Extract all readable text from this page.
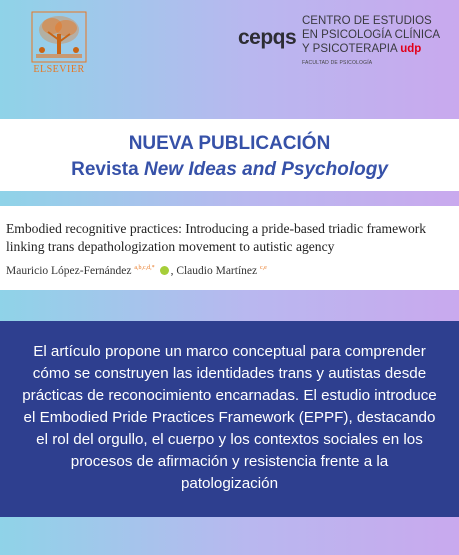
ELSEVIER
cepqs
CENTRO DE ESTUDIOS
EN PSICOLOGÍA CLÍNICA
Y PSICOTERAPIA udp
FACULTAD DE PSICOLOGÍA
NUEVA PUBLICACIÓN
Revista New Ideas and Psychology
Embodied recognitive practices: Introducing a pride-based triadic framework linking trans depathologization movement to autistic agency
Mauricio López-Fernández $^{a,b,c,d,*}$ , Claudio Martínez $^{c,e}$
El artículo propone un marco conceptual para comprender cómo se construyen las identidades trans y autistas desde prácticas de reconocimiento encarnadas. El estudio introduce el Embodied Pride Practices Framework (EPPF), destacando el rol del orgullo, el cuerpo y los contextos sociales en los procesos de afirmación y resistencia frente a la patologización
